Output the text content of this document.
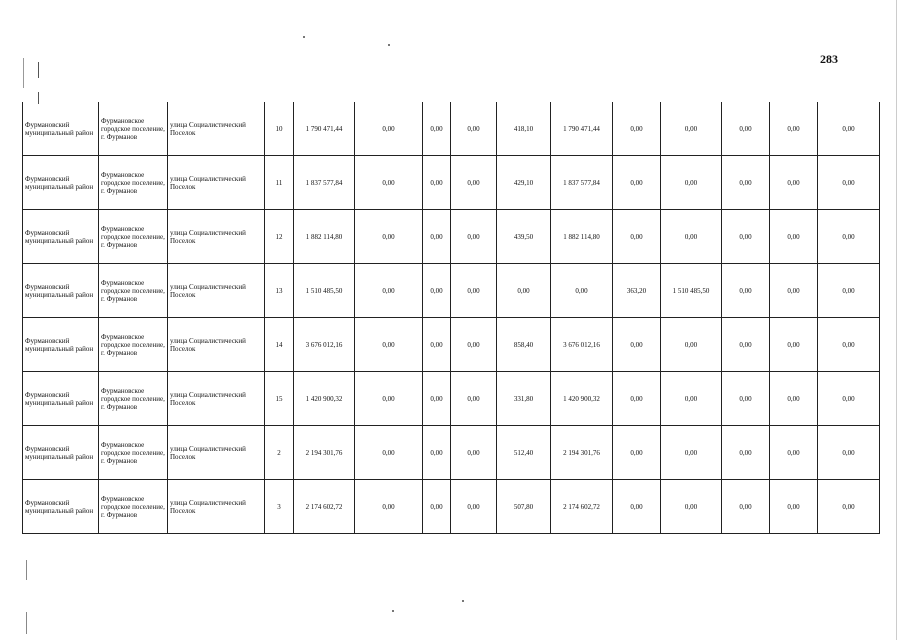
283
Фурмановский муниципальный район	Фурмановское городское поселение, г. Фурманов	улица Социалистический Поселок	10	1 790 471,44	0,00	0,00	0,00	418,10	1 790 471,44	0,00	0,00	0,00	0,00	0,00
Фурмановский муниципальный район	Фурмановское городское поселение, г. Фурманов	улица Социалистический Поселок	11	1 837 577,84	0,00	0,00	0,00	429,10	1 837 577,84	0,00	0,00	0,00	0,00	0,00
Фурмановский муниципальный район	Фурмановское городское поселение, г. Фурманов	улица Социалистический Поселок	12	1 882 114,80	0,00	0,00	0,00	439,50	1 882 114,80	0,00	0,00	0,00	0,00	0,00
Фурмановский муниципальный район	Фурмановское городское поселение, г. Фурманов	улица Социалистический Поселок	13	1 510 485,50	0,00	0,00	0,00	0,00	0,00	363,20	1 510 485,50	0,00	0,00	0,00
Фурмановский муниципальный район	Фурмановское городское поселение, г. Фурманов	улица Социалистический Поселок	14	3 676 012,16	0,00	0,00	0,00	858,40	3 676 012,16	0,00	0,00	0,00	0,00	0,00
Фурмановский муниципальный район	Фурмановское городское поселение, г. Фурманов	улица Социалистический Поселок	15	1 420 900,32	0,00	0,00	0,00	331,80	1 420 900,32	0,00	0,00	0,00	0,00	0,00
Фурмановский муниципальный район	Фурмановское городское поселение, г. Фурманов	улица Социалистический Поселок	2	2 194 301,76	0,00	0,00	0,00	512,40	2 194 301,76	0,00	0,00	0,00	0,00	0,00
Фурмановский муниципальный район	Фурмановское городское поселение, г. Фурманов	улица Социалистический Поселок	3	2 174 602,72	0,00	0,00	0,00	507,80	2 174 602,72	0,00	0,00	0,00	0,00	0,00
